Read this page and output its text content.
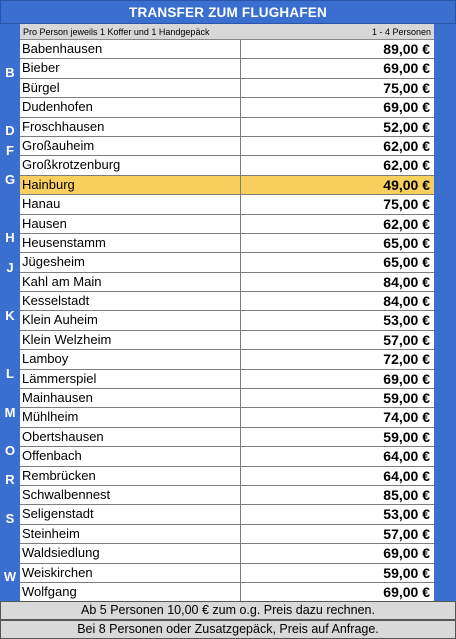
TRANSFER ZUM FLUGHAFEN
B
D
F
G
H
J
K
L
M
O
R
S
W
Pro Person jeweils 1 Koffer und 1 Handgepäck	1 - 4 Personen
Babenhausen	89,00 €
Bieber	69,00 €
Bürgel	75,00 €
Dudenhofen	69,00 €
Froschhausen	52,00 €
Großauheim	62,00 €
Großkrotzenburg	62,00 €
Hainburg	49,00 €
Hanau	75,00 €
Hausen	62,00 €
Heusenstamm	65,00 €
Jügesheim	65,00 €
Kahl am Main	84,00 €
Kesselstadt	84,00 €
Klein Auheim	53,00 €
Klein Welzheim	57,00 €
Lamboy	72,00 €
Lämmerspiel	69,00 €
Mainhausen	59,00 €
Mühlheim	74,00 €
Obertshausen	59,00 €
Offenbach	64,00 €
Rembrücken	64,00 €
Schwalbennest	85,00 €
Seligenstadt	53,00 €
Steinheim	57,00 €
Waldsiedlung	69,00 €
Weiskirchen	59,00 €
Wolfgang	69,00 €
Ab 5 Personen 10,00 € zum o.g. Preis dazu rechnen.
Bei 8 Personen oder Zusatzgepäck, Preis auf Anfrage.
